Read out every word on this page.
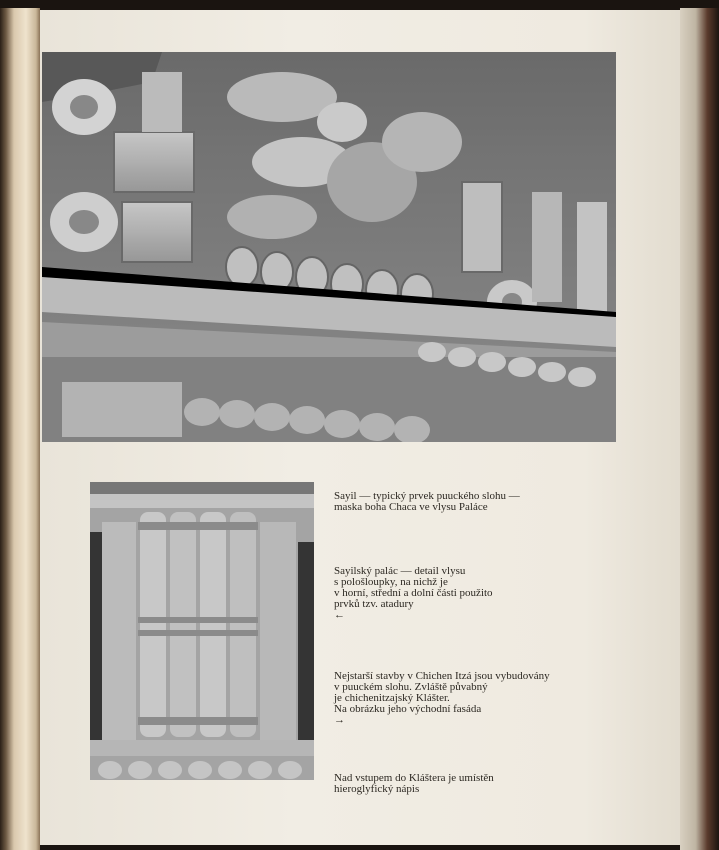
Sayil — typický prvek puuckého slohu —
maska boha Chaca ve vlysu Paláce

Sayilský palác — detail vlysu
s pološloupky, na nichž je
v horní, střední a dolní části použito
prvků tzv. atadury

←

Nejstarší stavby v Chichen Itzá jsou vybudovány
v puuckém slohu. Zvláště půvabný
je chichenitzajský Klášter.
Na obrázku jeho východní fasáda

→

Nad vstupem do Kláštera je umístěn
hieroglyfický nápis
